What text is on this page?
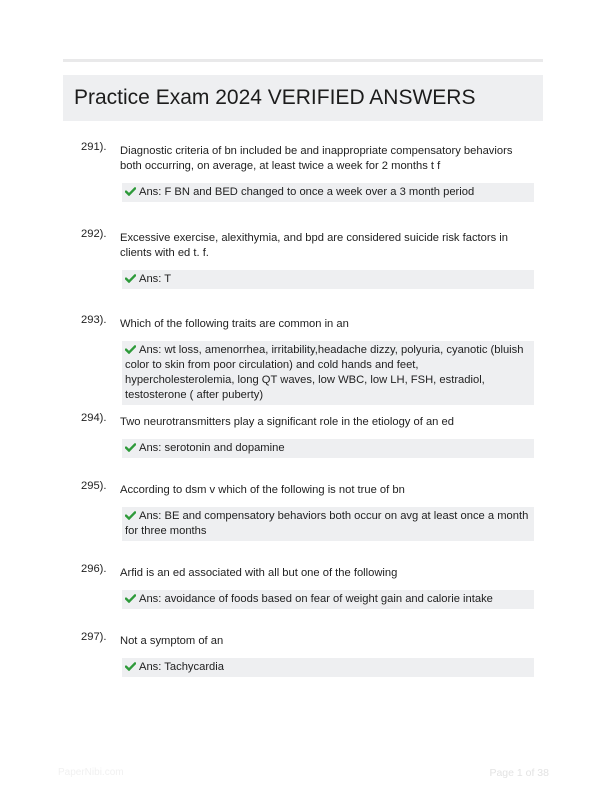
Practice Exam 2024 VERIFIED ANSWERS
291). Diagnostic criteria of bn included be and inappropriate compensatory behaviors both occurring, on average, at least twice a week for 2 months t f
Ans: F BN and BED changed to once a week over a 3 month period
292). Excessive exercise, alexithymia, and bpd are considered suicide risk factors in clients with ed t. f.
Ans: T
293). Which of the following traits are common in an
Ans: wt loss, amenorrhea, irritability,headache dizzy, polyuria, cyanotic (bluish color to skin from poor circulation) and cold hands and feet, hypercholesterolemia, long QT waves, low WBC, low LH, FSH, estradiol, testosterone ( after puberty)
294). Two neurotransmitters play a significant role in the etiology of an ed
Ans: serotonin and dopamine
295). According to dsm v which of the following is not true of bn
Ans: BE and compensatory behaviors both occur on avg at least once a month for three months
296). Arfid is an ed associated with all but one of the following
Ans: avoidance of foods based on fear of weight gain and calorie intake
297). Not a symptom of an
Ans: Tachycardia
PaperNibi.com	Page 1 of 38
